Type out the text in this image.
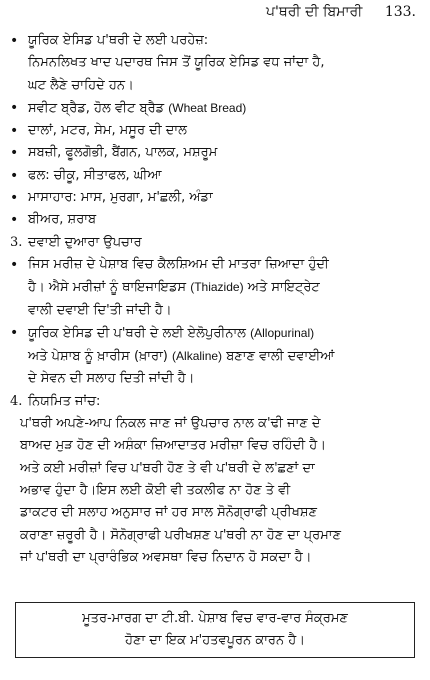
ਪ'ਥਰੀ ਦੀ ਬਿਮਾਰੀ 133.
• ਯੂਰਿਕ ਏਸਿਡ ਪ'ਥਰੀ ਦੇ ਲਈ ਪਰਹੇਜ਼:
ਨਿਮਨਲਿਖਤ ਖਾਦ ਪਦਾਰਥ ਜਿਸ ਤੋਂ ਯੂਰਿਕ ਏਸਿਡ ਵਧ ਜਾਂਦਾ ਹੈ,
ਘਟ ਲੈਣੇ ਚਾਹਿਦੇ ਹਨ।
• ਸਵੀਟ ਬ੍ਰੈਡ, ਹੋਲ ਵੀਟ ਬ੍ਰੈਡ (Wheat Bread)
• ਦਾਲਾਂ, ਮਟਰ, ਸੇਮ, ਮਸੂਰ ਦੀ ਦਾਲ
• ਸਬਜ਼ੀ, ਫੂਲਗੋਭੀ, ਬੈਂਗਨ, ਪਾਲਕ, ਮਸ਼ਰੂਮ
• ਫਲ: ਚੀਕੂ, ਸੀਤਾਫਲ, ਘੀਆ
• ਮਾਸਾਹਾਰ: ਮਾਸ, ਮੁਰਗਾ, ਮ'ਛਲੀ, ਅੰਡਾ
• ਬੀਅਰ, ਸ਼ਰਾਬ
3. ਦਵਾਈ ਦੁਆਰਾ ਉਪਚਾਰ
• ਜਿਸ ਮਰੀਜ਼ ਦੇ ਪੇਸ਼ਾਬ ਵਿਚ ਕੈਲਸ਼ਿਅਮ ਦੀ ਮਾਤਰਾ ਜ਼ਿਆਦਾ ਹੁੰਦੀ
ਹੈ। ਐਸੇ ਮਰੀਜ਼ਾਂ ਨੂੰ ਥਾਇਜਾਇਡਸ (Thiazide) ਅਤੇ ਸਾਇਟ੍ਰੇਟ
ਵਾਲੀ ਦਵਾਈ ਦਿ'ਤੀ ਜਾਂਦੀ ਹੈ।
• ਯੂਰਿਕ ਏਸਿਡ ਦੀ ਪ'ਥਰੀ ਦੇ ਲਈ ਏਲੋਪੁਰੀਨਾਲ (Allopurinal)
ਅਤੇ ਪੇਸ਼ਾਬ ਨੂੰ ਖ਼ਾਰੀਸ (ਖ਼ਾਰਾ) (Alkaline) ਬਣਾਣ ਵਾਲੀ ਦਵਾਈਆਂ
ਦੇ ਸੇਵਨ ਦੀ ਸਲਾਹ ਦਿਤੀ ਜਾਂਦੀ ਹੈ।
4. ਨਿਯਮਿਤ ਜਾਂਚ:
ਪ'ਥਰੀ ਅਪਣੇ-ਆਪ ਨਿਕਲ ਜਾਣ ਜਾਂ ਉਪਚਾਰ ਨਾਲ ਕ'ਢੀ ਜਾਣ ਦੇ
ਬਾਅਦ ਮੁੜ ਹੋਣ ਦੀ ਅਸ਼ੰਕਾ ਜ਼ਿਆਦਾਤਰ ਮਰੀਜ਼ਾ ਵਿਚ ਰਹਿੰਦੀ ਹੈ।
ਅਤੇ ਕਈ ਮਰੀਜ਼ਾਂ ਵਿਚ ਪ'ਥਰੀ ਹੋਣ ਤੇ ਵੀ ਪ'ਥਰੀ ਦੇ ਲ'ਛਣਾਂ ਦਾ
ਅਭਾਵ ਹੁੰਦਾ ਹੈ।ਇਸ ਲਈ ਕੋਈ ਵੀ ਤਕਲੀਫ ਨਾ ਹੋਣ ਤੇ ਵੀ
ਡਾਕਟਰ ਦੀ ਸਲਾਹ ਅਨੁਸਾਰ ਜਾਂ ਹਰ ਸਾਲ ਸੋਨੋਗ੍ਰਾਫੀ ਪ੍ਰੀਖਸ਼ਣ
ਕਰਾਣਾ ਜ਼ਰੂਰੀ ਹੈ। ਸੋਨੋਗ੍ਰਾਫੀ ਪਰੀਖਸ਼ਣ ਪ'ਥਰੀ ਨਾ ਹੋਣ ਦਾ ਪ੍ਰਮਾਣ
ਜਾਂ ਪ'ਥਰੀ ਦਾ ਪ੍ਰਾਰੰਭਿਕ ਅਵਸਥਾ ਵਿਚ ਨਿਦਾਨ ਹੋ ਸਕਦਾ ਹੈ।
ਮੂਤਰ-ਮਾਰਗ ਦਾ ਟੀ.ਬੀ. ਪੇਸ਼ਾਬ ਵਿਚ ਵਾਰ-ਵਾਰ ਸੰਕ੍ਰਮਣ
ਹੋਣਾ ਦਾ ਇਕ ਮ'ਹਤਵਪੂਰਨ ਕਾਰਨ ਹੈ।
